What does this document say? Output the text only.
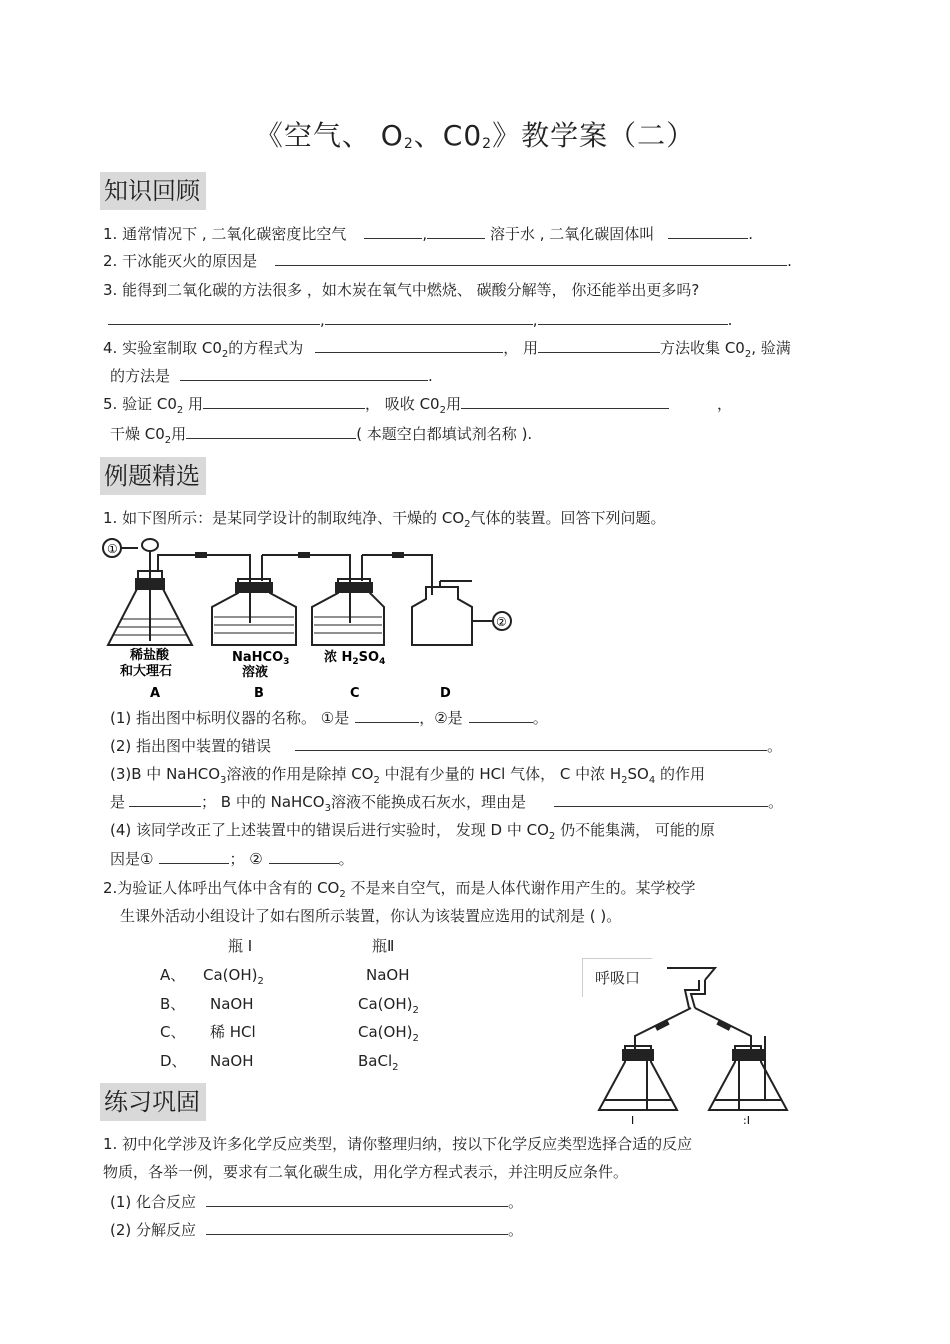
《空气、 $O_2$、$C0_2$》教学案（二）
知识回顾
1. 通常情况下 , 二氧化碳密度比空气	,	溶于水 , 二氧化碳固体叫	.
2. 干冰能灭火的原因是	.
3. 能得到二氧化碳的方法很多 ，如木炭在氧气中燃烧、 碳酸分解等， 你还能举出更多吗?
,	,	.
4. 实验室制取 $C0_2$的方程式为	， 用	方法收集 $C0_2$, 验满
的方法是	.
5. 验证 $C0_2$ 用	， 吸收 $C0_2$用	，
干燥 $C0_2$用	( 本题空白都填试剂名称 ).
例题精选
1. 如下图所示：是某同学设计的制取纯净、干燥的 $CO_2$气体的装置。回答下列问题。
①
②
稀盐酸
和大理石
NaHCO$_3$
溶液
浓 $H_2SO_4$
A	B	C	D
(1) 指出图中标明仪器的名称。 ①是	，②是	。
(2) 指出图中装置的错误	。
(3)B 中 NaHCO$_3$溶液的作用是除掉 $CO_2$ 中混有少量的 HCl 气体， C 中浓 $H_2SO_4$ 的作用
是	； B 中的 NaHCO$_3$溶液不能换成石灰水，理由是	。
(4) 该同学改正了上述装置中的错误后进行实验时， 发现 D 中 $CO_2$ 仍不能集满， 可能的原
因是①	； ②	。
2.为验证人体呼出气体中含有的 $CO_2$ 不是来自空气，而是人体代谢作用产生的。某学校学
生课外活动小组设计了如右图所示装置，你认为该装置应选用的试剂是 ( )。
瓶 I	瓶Ⅱ
A、 $Ca(OH)_2$	NaOH
B、 NaOH	$Ca(OH)_2$
C、 稀 HCl	$Ca(OH)_2$
D、 NaOH	BaCl$_2$
呼吸口
I	:I
练习巩固
1. 初中化学涉及许多化学反应类型，请你整理归纳，按以下化学反应类型选择合适的反应
物质，各举一例，要求有二氧化碳生成，用化学方程式表示，并注明反应条件。
(1) 化合反应	。
(2) 分解反应	。
